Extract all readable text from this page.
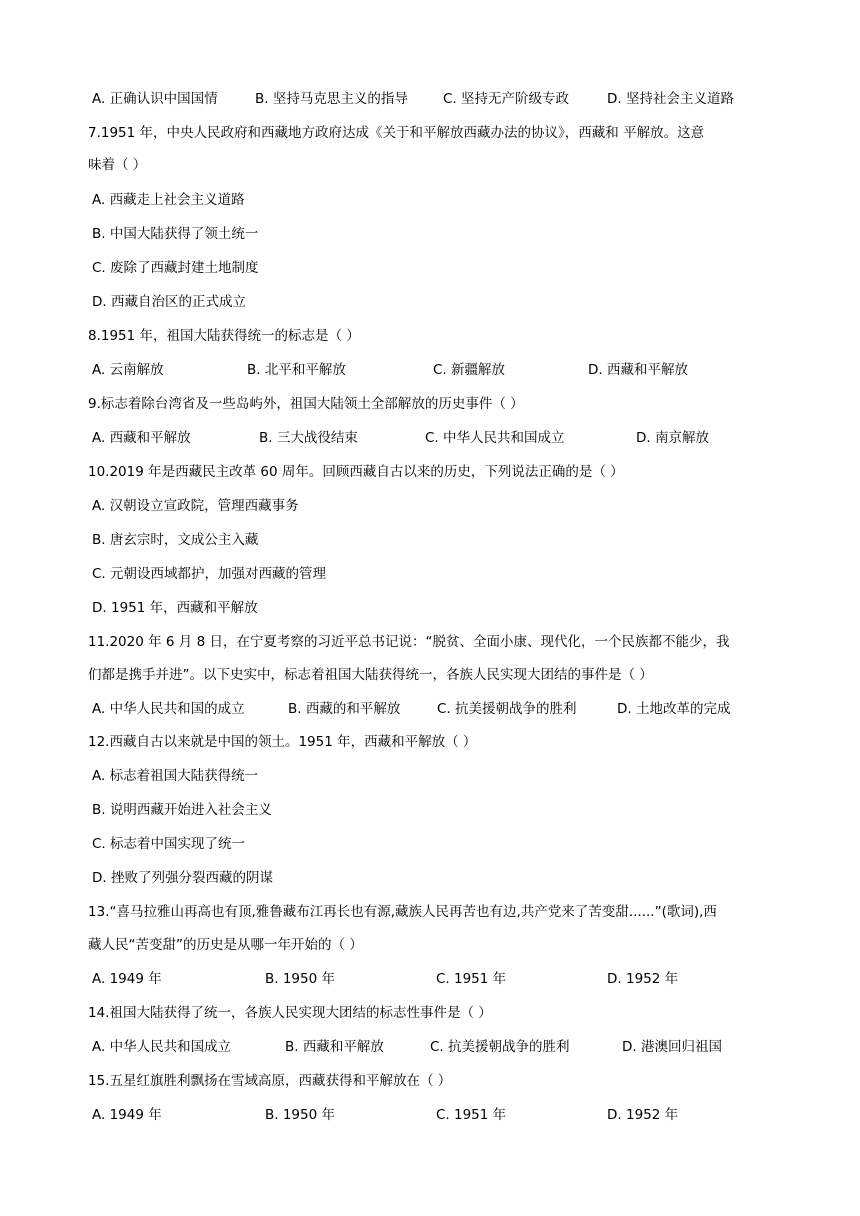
A. 正确认识中国国情	B. 坚持马克思主义的指导	C. 坚持无产阶级专政	D. 坚持社会主义道路
7.1951 年，中央人民政府和西藏地方政府达成《关于和平解放西藏办法的协议》，西藏和 平解放。这意
味着（ ）
A. 西藏走上社会主义道路
B. 中国大陆获得了领土统一
C. 废除了西藏封建土地制度
D. 西藏自治区的正式成立
8.1951 年，祖国大陆获得统一的标志是（ ）
A. 云南解放	B. 北平和平解放	C. 新疆解放	D. 西藏和平解放
9.标志着除台湾省及一些岛屿外，祖国大陆领土全部解放的历史事件（ ）
A. 西藏和平解放	B. 三大战役结束	C. 中华人民共和国成立	D. 南京解放
10.2019 年是西藏民主改革 60 周年。回顾西藏自古以来的历史，下列说法正确的是（ ）
A. 汉朝设立宣政院，管理西藏事务
B. 唐玄宗时，文成公主入藏
C. 元朝设西域都护，加强对西藏的管理
D. 1951 年，西藏和平解放
11.2020 年 6 月 8 日，在宁夏考察的习近平总书记说：“脱贫、全面小康、现代化，一个民族都不能少，我
们都是携手并进”。以下史实中，标志着祖国大陆获得统一，各族人民实现大团结的事件是（ ）
A. 中华人民共和国的成立	B. 西藏的和平解放	C. 抗美援朝战争的胜利	D. 土地改革的完成
12.西藏自古以来就是中国的领土。1951 年，西藏和平解放（ ）
A. 标志着祖国大陆获得统一
B. 说明西藏开始进入社会主义
C. 标志着中国实现了统一
D. 挫败了列强分裂西藏的阴谋
13.“喜马拉雅山再高也有顶,雅鲁藏布江再长也有源,藏族人民再苦也有边,共产党来了苦变甜......”(歌词),西
藏人民“苦变甜”的历史是从哪一年开始的（ ）
A. 1949 年	B. 1950 年	C. 1951 年	D. 1952 年
14.祖国大陆获得了统一，各族人民实现大团结的标志性事件是（ ）
A. 中华人民共和国成立	B. 西藏和平解放	C. 抗美援朝战争的胜利	D. 港澳回归祖国
15.五星红旗胜利飘扬在雪域高原，西藏获得和平解放在（ ）
A. 1949 年	B. 1950 年	C. 1951 年	D. 1952 年
